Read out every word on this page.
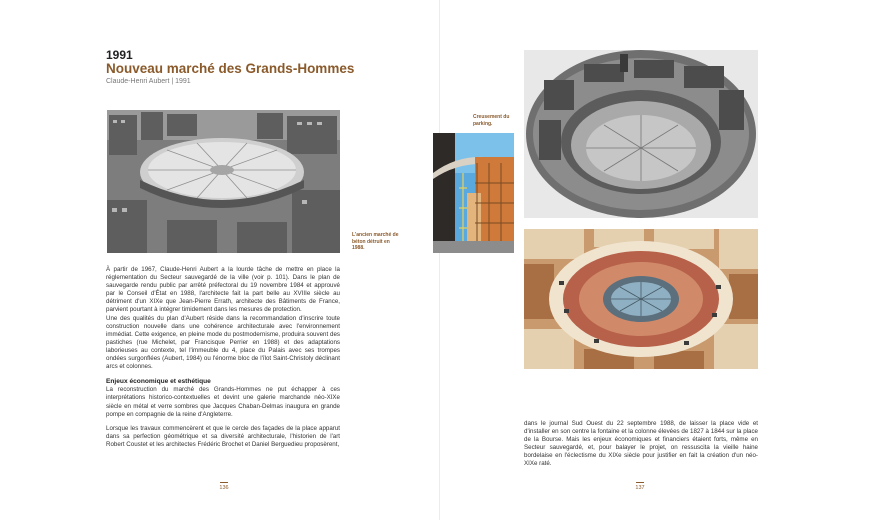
1991
Nouveau marché des Grands-Hommes
Claude-Henri Aubert | 1991
L'ancien marché de béton détruit en 1988.

À partir de 1967, Claude-Henri Aubert a la lourde tâche de mettre en place la réglementation du Secteur sauvegardé de la ville (voir p. 101). Dans le plan de sauvegarde rendu public par arrêté préfectoral du 19 novembre 1984 et approuvé par le Conseil d'État en 1988, l'architecte fait la part belle au XVIIIe siècle au détriment d'un XIXe que Jean-Pierre Errath, architecte des Bâtiments de France, parvient pourtant à intégrer timidement dans les mesures de protection.

Une des qualités du plan d'Aubert réside dans la recommandation d'inscrire toute construction nouvelle dans une cohérence architecturale avec l'environnement immédiat. Cette exigence, en pleine mode du postmodernisme, produira souvent des pastiches (rue Michelet, par Francisque Perrier en 1988) et des adaptations laborieuses au contexte, tel l'immeuble du 4, place du Palais avec ses trompes ondées surgonflées (Aubert, 1984) ou l'énorme bloc de l'îlot Saint-Christoly déclinant arcs et colonnes.

Enjeux économique et esthétique

La reconstruction du marché des Grands-Hommes ne put échapper à ces interprétations historico-contextuelles et devint une galerie marchande néo-XIXe siècle en métal et verre sombres que Jacques Chaban-Delmas inaugura en grande pompe en compagnie de la reine d'Angleterre.

Lorsque les travaux commencèrent et que le cercle des façades de la place apparut dans sa perfection géométrique et sa diversité architecturale, l'historien de l'art Robert Coustet et les architectes Frédéric Brochet et Daniel Berguedieu proposèrent,

136
Creusement du parking.

dans le journal Sud Ouest du 22 septembre 1988, de laisser la place vide et d'installer en son centre la fontaine et la colonne élevées de 1827 à 1844 sur la place de la Bourse. Mais les enjeux économiques et financiers étaient forts, même en Secteur sauvegardé, et, pour balayer le projet, on ressuscita la vieille haine bordelaise en l'éclectisme du XIXe siècle pour justifier en fait la création d'un néo-XIXe raté.

137
